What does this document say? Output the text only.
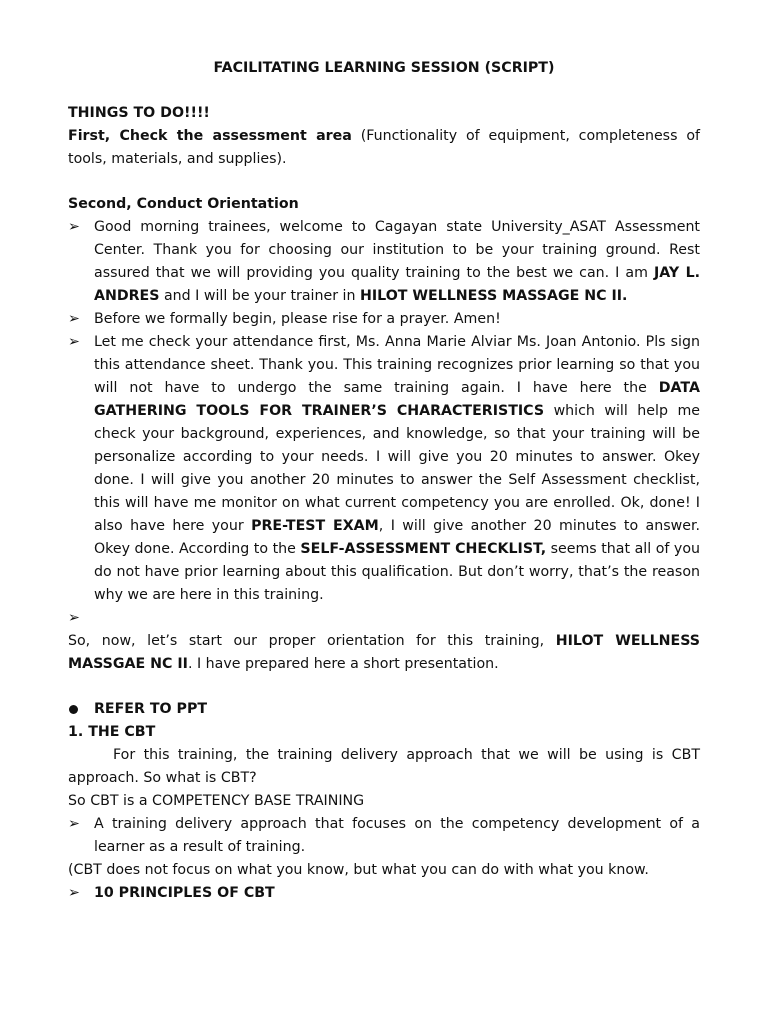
FACILITATING LEARNING SESSION (SCRIPT)

THINGS TO DO!!!!

First, Check the assessment area (Functionality of equipment, completeness of tools, materials, and supplies).

Second, Conduct Orientation

➢ Good morning trainees, welcome to Cagayan state University_ASAT Assessment Center. Thank you for choosing our institution to be your training ground. Rest assured that we will providing you quality training to the best we can. I am JAY L. ANDRES and I will be your trainer in HILOT WELLNESS MASSAGE NC II.
➢ Before we formally begin, please rise for a prayer. Amen!
➢ Let me check your attendance first, Ms. Anna Marie Alviar Ms. Joan Antonio. Pls sign this attendance sheet. Thank you. This training recognizes prior learning so that you will not have to undergo the same training again. I have here the DATA GATHERING TOOLS FOR TRAINER’S CHARACTERISTICS which will help me check your background, experiences, and knowledge, so that your training will be personalize according to your needs. I will give you 20 minutes to answer. Okey done. I will give you another 20 minutes to answer the Self Assessment checklist, this will have me monitor on what current competency you are enrolled. Ok, done! I also have here your PRE-TEST EXAM, I will give another 20 minutes to answer. Okey done. According to the SELF-ASSESSMENT CHECKLIST, seems that all of you do not have prior learning about this qualification. But don’t worry, that’s the reason why we are here in this training.
➢

So, now, let’s start our proper orientation for this training, HILOT WELLNESS MASSGAE NC II. I have prepared here a short presentation.

REFER TO PPT

1. THE CBT

For this training, the training delivery approach that we will be using is CBT approach. So what is CBT?

So CBT is a COMPETENCY BASE TRAINING

➢ A training delivery approach that focuses on the competency development of a learner as a result of training.

(CBT does not focus on what you know, but what you can do with what you know.

➢ 10 PRINCIPLES OF CBT
